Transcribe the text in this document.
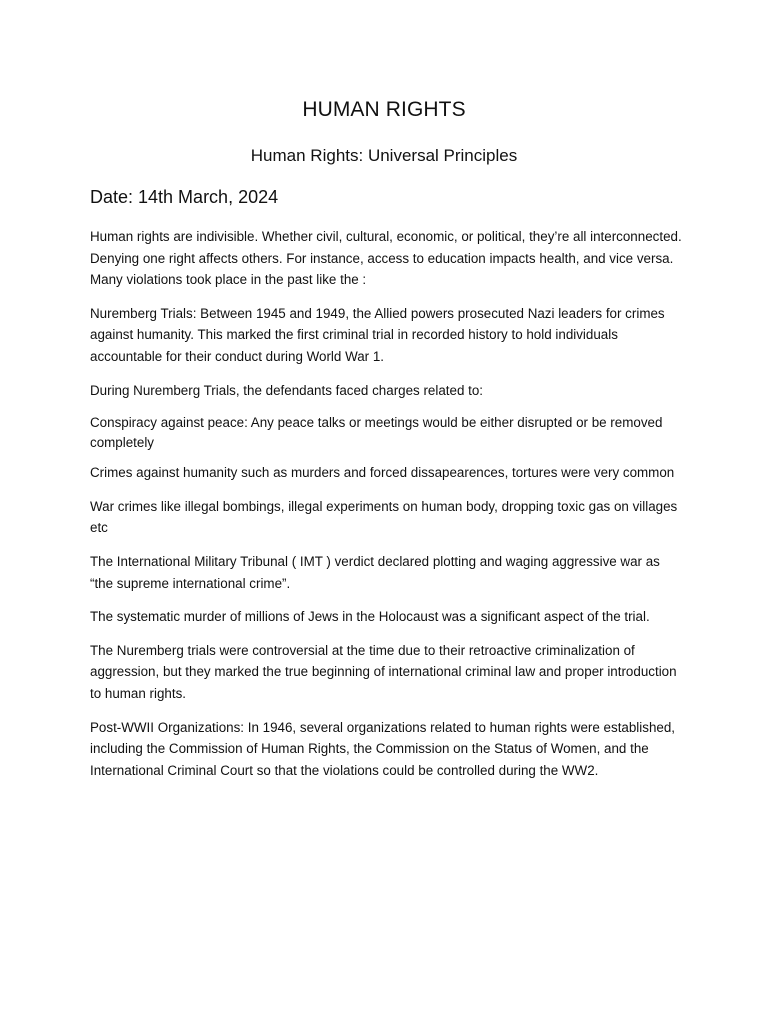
HUMAN RIGHTS
Human Rights: Universal Principles
Date: 14th March, 2024

Human rights are indivisible. Whether civil, cultural, economic, or political, they’re all interconnected. Denying one right affects others. For instance, access to education impacts health, and vice versa. Many violations took place in the past like the :

Nuremberg Trials: Between 1945 and 1949, the Allied powers prosecuted Nazi leaders for crimes against humanity. This marked the first criminal trial in recorded history to hold individuals accountable for their conduct during World War 1.

During Nuremberg Trials, the defendants faced charges related to:

Conspiracy against peace: Any peace talks or meetings would be either disrupted or be removed completely

Crimes against humanity such as murders and forced dissapearences, tortures were very common

War crimes like illegal bombings, illegal experiments on human body, dropping toxic gas on villages etc

The International Military Tribunal ( IMT ) verdict declared plotting and waging aggressive war as “the supreme international crime”.

The systematic murder of millions of Jews in the Holocaust was a significant aspect of the trial.

The Nuremberg trials were controversial at the time due to their retroactive criminalization of aggression, but they marked the true beginning of international criminal law and proper introduction to human rights.

Post-WWII Organizations: In 1946, several organizations related to human rights were established, including the Commission of Human Rights, the Commission on the Status of Women, and the International Criminal Court so that the violations could be controlled during the WW2.
